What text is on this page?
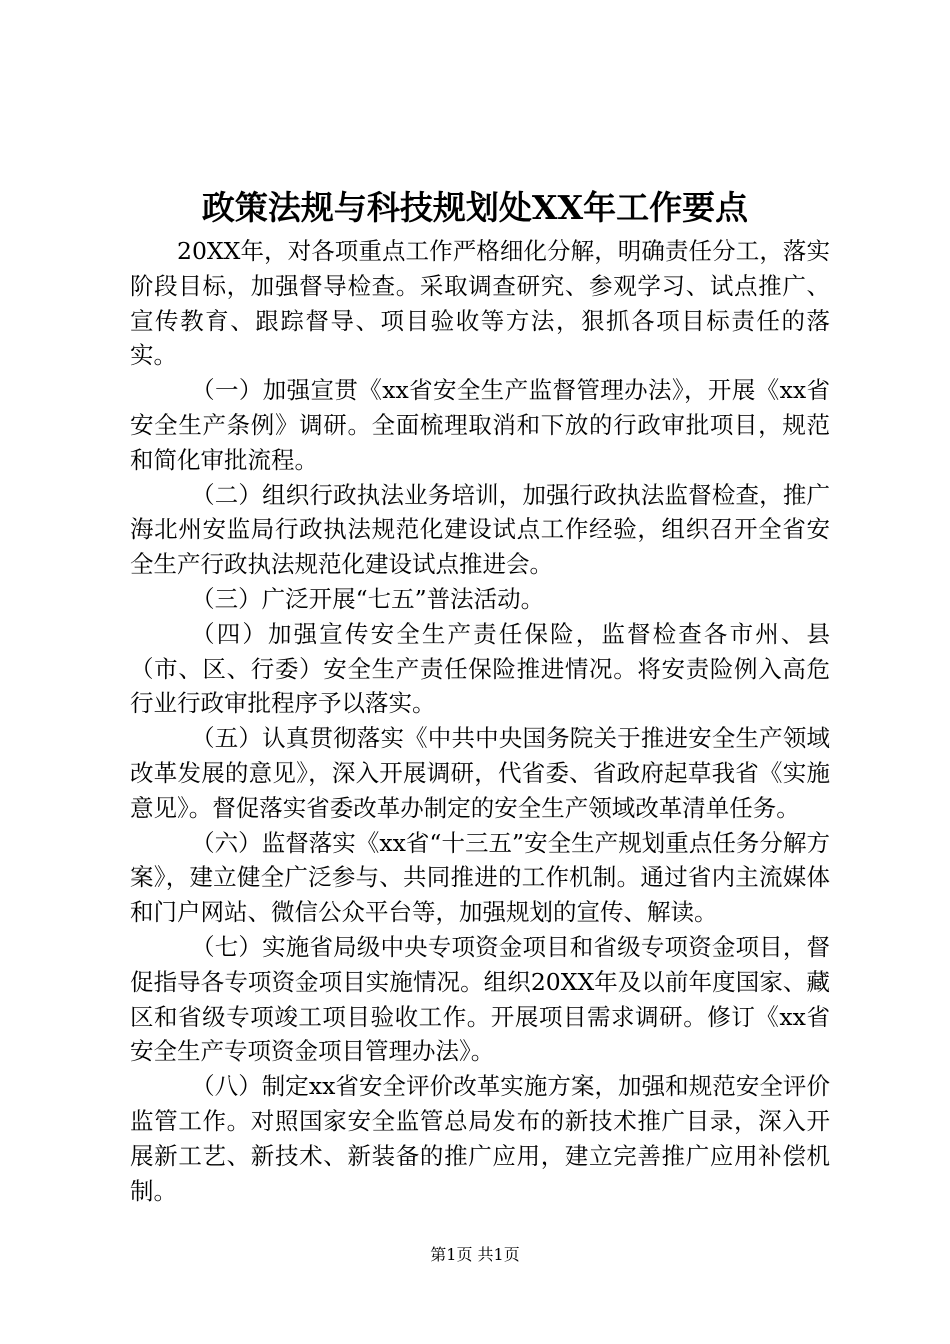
政策法规与科技规划处XX年工作要点

20XX年，对各项重点工作严格细化分解，明确责任分工，落实阶段目标，加强督导检查。采取调查研究、参观学习、试点推广、宣传教育、跟踪督导、项目验收等方法，狠抓各项目标责任的落实。

（一）加强宣贯《xx省安全生产监督管理办法》，开展《xx省安全生产条例》调研。全面梳理取消和下放的行政审批项目，规范和简化审批流程。

（二）组织行政执法业务培训，加强行政执法监督检查，推广海北州安监局行政执法规范化建设试点工作经验，组织召开全省安全生产行政执法规范化建设试点推进会。

（三）广泛开展“七五”普法活动。

（四）加强宣传安全生产责任保险，监督检查各市州、县（市、区、行委）安全生产责任保险推进情况。将安责险例入高危行业行政审批程序予以落实。

（五）认真贯彻落实《中共中央国务院关于推进安全生产领域改革发展的意见》，深入开展调研，代省委、省政府起草我省《实施意见》。督促落实省委改革办制定的安全生产领域改革清单任务。

（六）监督落实《xx省“十三五”安全生产规划重点任务分解方案》，建立健全广泛参与、共同推进的工作机制。通过省内主流媒体和门户网站、微信公众平台等，加强规划的宣传、解读。

（七）实施省局级中央专项资金项目和省级专项资金项目，督促指导各专项资金项目实施情况。组织20XX年及以前年度国家、藏区和省级专项竣工项目验收工作。开展项目需求调研。修订《xx省安全生产专项资金项目管理办法》。

（八）制定xx省安全评价改革实施方案，加强和规范安全评价监管工作。对照国家安全监管总局发布的新技术推广目录，深入开展新工艺、新技术、新装备的推广应用，建立完善推广应用补偿机制。

第1页 共1页
